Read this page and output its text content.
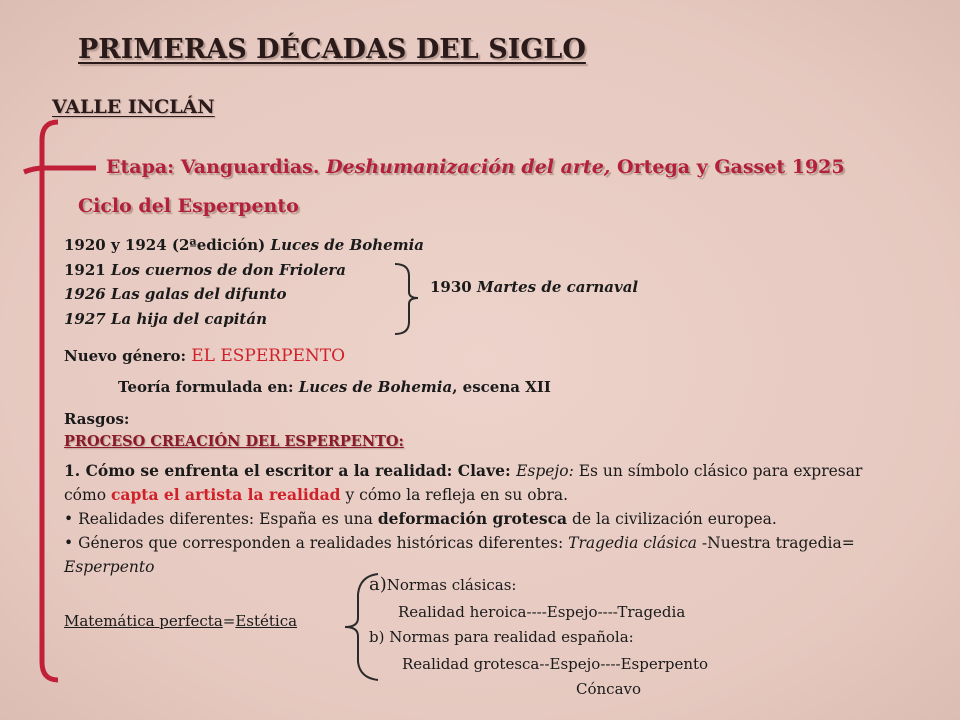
PRIMERAS DÉCADAS DEL SIGLO
VALLE INCLÁN
Etapa: Vanguardias. Deshumanización del arte, Ortega y Gasset 1925
Ciclo del Esperpento
1920 y 1924 (2ªedición) Luces de Bohemia
1921 Los cuernos de don Friolera
1926 Las galas del difunto
1927 La hija del capitán
1930 Martes de carnaval
Nuevo género: EL ESPERPENTO
Teoría formulada en: Luces de Bohemia, escena XII
Rasgos:
PROCESO CREACIÓN DEL ESPERPENTO:

1. Cómo se enfrenta el escritor a la realidad: Clave: Espejo: Es un símbolo clásico para expresar cómo capta el artista la realidad y cómo la refleja en su obra.

• Realidades diferentes: España es una deformación grotesca de la civilización europea.

• Géneros que corresponden a realidades históricas diferentes: Tragedia clásica -Nuestra tragedia= Esperpento

Matemática perfecta=Estética
a)Normas clásicas:
Realidad heroica----Espejo----Tragedia
b) Normas para realidad española:
Realidad grotesca--Espejo----Esperpento
Cóncavo
